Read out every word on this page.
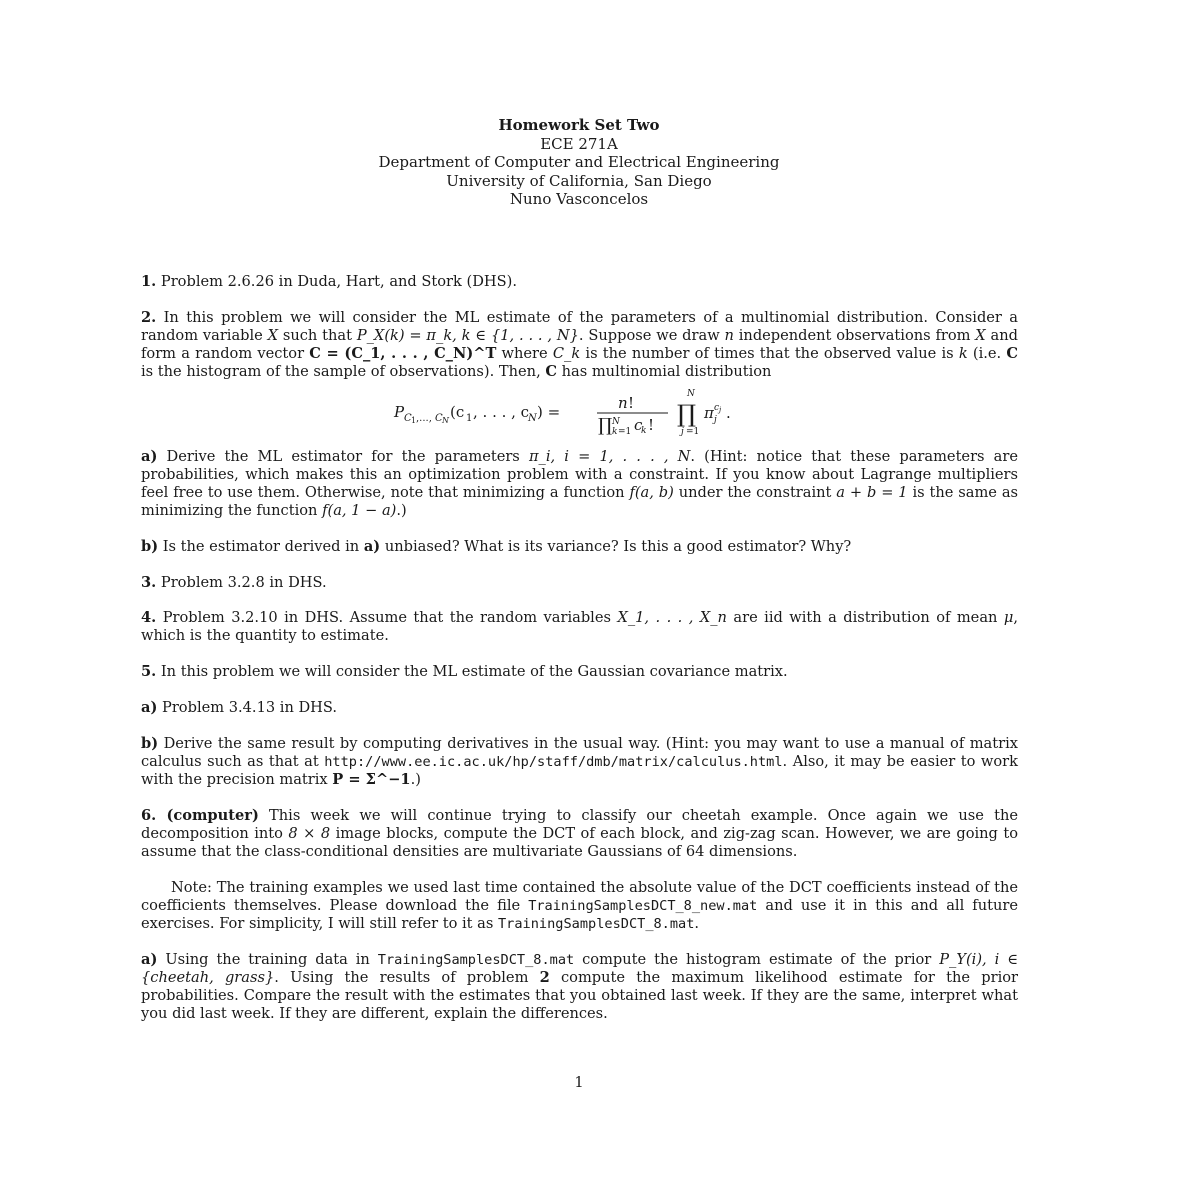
Homework Set Two
ECE 271A
Department of Computer and Electrical Engineering
University of California, San Diego
Nuno Vasconcelos

1. Problem 2.6.26 in Duda, Hart, and Stork (DHS).

2. In this problem we will consider the ML estimate of the parameters of a multinomial distribution. Consider a random variable X such that P_X(k) = π_k, k ∈ {1, . . . , N}. Suppose we draw n independent observations from X and form a random vector C = (C_1, . . . , C_N)^T where C_k is the number of times that the observed value is k (i.e. C is the histogram of the sample of observations). Then, C has multinomial distribution

P C 1 ,..., C N (c 1 , . . . , c
N ) =	n !
∏ N
k =1 c
k !
N
∏
j =1
π j
c j .

a) Derive the ML estimator for the parameters π_i, i = 1, . . . , N. (Hint: notice that these parameters are probabilities, which makes this an optimization problem with a constraint. If you know about Lagrange multipliers feel free to use them. Otherwise, note that minimizing a function f(a, b) under the constraint a + b = 1 is the same as minimizing the function f(a, 1 − a).)

b) Is the estimator derived in a) unbiased? What is its variance? Is this a good estimator? Why?

3. Problem 3.2.8 in DHS.

4. Problem 3.2.10 in DHS. Assume that the random variables X_1, . . . , X_n are iid with a distribution of mean μ, which is the quantity to estimate.

5. In this problem we will consider the ML estimate of the Gaussian covariance matrix.

a) Problem 3.4.13 in DHS.

b) Derive the same result by computing derivatives in the usual way. (Hint: you may want to use a manual of matrix calculus such as that at http://www.ee.ic.ac.uk/hp/staff/dmb/matrix/calculus.html. Also, it may be easier to work with the precision matrix P = Σ^−1.)

6. (computer) This week we will continue trying to classify our cheetah example. Once again we use the decomposition into 8 × 8 image blocks, compute the DCT of each block, and zig-zag scan. However, we are going to assume that the class-conditional densities are multivariate Gaussians of 64 dimensions.

Note: The training examples we used last time contained the absolute value of the DCT coefficients instead of the coefficients themselves. Please download the file TrainingSamplesDCT_8_new.mat and use it in this and all future exercises. For simplicity, I will still refer to it as TrainingSamplesDCT_8.mat.

a) Using the training data in TrainingSamplesDCT_8.mat compute the histogram estimate of the prior P_Y(i), i ∈ {cheetah, grass}. Using the results of problem 2 compute the maximum likelihood estimate for the prior probabilities. Compare the result with the estimates that you obtained last week. If they are the same, interpret what you did last week. If they are different, explain the differences.

1
